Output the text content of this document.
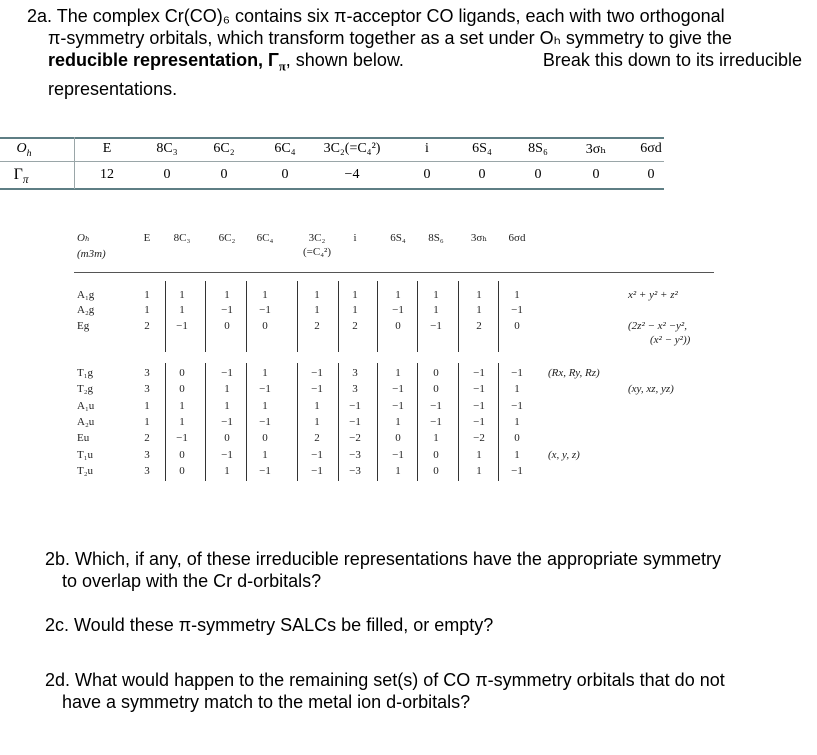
2a. The complex Cr(CO)₆ contains six π-acceptor CO ligands, each with two orthogonal
π-symmetry orbitals, which transform together as a set under Oₕ symmetry to give the
reducible representation, $\Gamma_\pi$, shown below.	Break this down to its irreducible
representations.
$O_h$	E	8C₃	6C₂	6C₄ 3C₂(=C₄²)	i	6S₄	8S₆	3σₕ 6σd
$\Gamma_\pi$	12	0	0	0	−4	0	0	0	0	0
Oₕ
(m3m)
E 8C₃	6C₂ 6C₄	3C₂	i	6S₄ 8S₆ 3σₕ 6σd
(=C₄²)
A₁g	1	1	1	1	1	1	1	1	1	1	x² + y² + z²
A₂g	1	1	−1 −1	1	1	−1	1	1	−1
Eg	2 −1	0	0	2	2	0	−1	2	0	(2z² − x² −y²,
(x² − y²))
T₁g	3	0	−1	1	−1	3	1	0	−1 −1 (Rx, Ry, Rz)
T₂g	3	0	1	−1	−1	3	−1	0	−1	1	(xy, xz, yz)
A₁u	1	1	1	1	1	−1	−1 −1	−1 −1
A₂u	1	1	−1 −1	1	−1	1	−1	−1	1
Eu	2 −1	0	0	2	−2	0	1	−2	0
T₁u	3	0	−1	1	−1 −3	−1	0	1	1	(x, y, z)
T₂u	3	0	1	−1	−1 −3	1	0	1	−1
2b. Which, if any, of these irreducible representations have the appropriate symmetry
to overlap with the Cr d-orbitals?
2c. Would these π-symmetry SALCs be filled, or empty?
2d. What would happen to the remaining set(s) of CO π-symmetry orbitals that do not
have a symmetry match to the metal ion d-orbitals?
